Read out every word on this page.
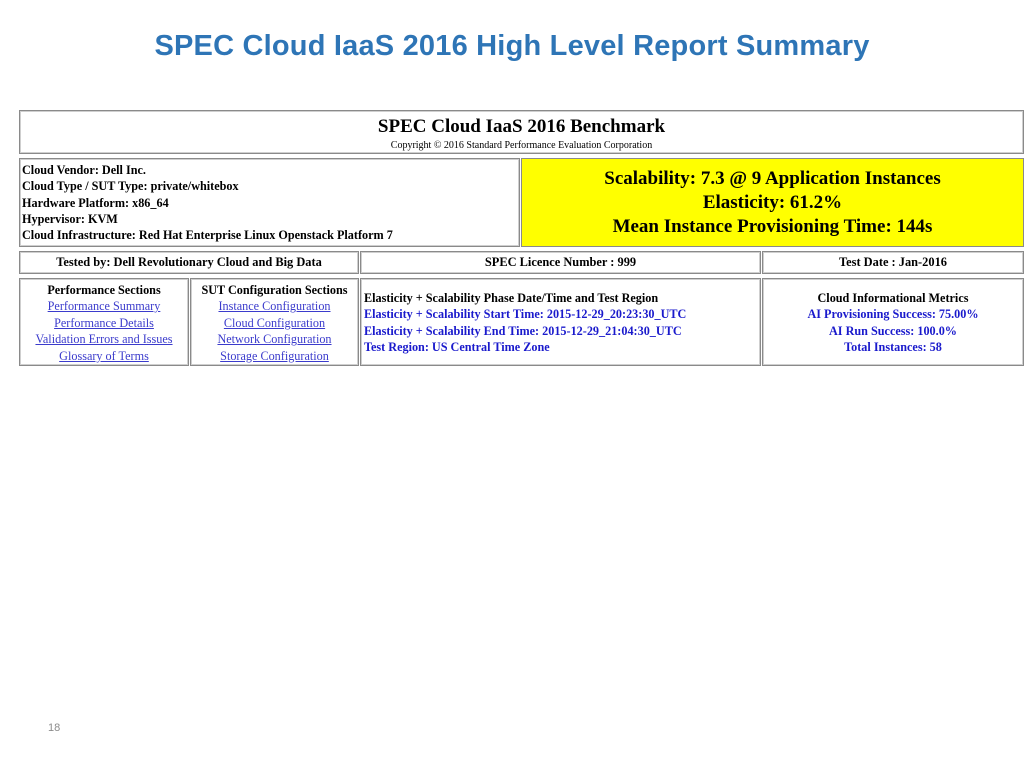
SPEC Cloud IaaS 2016 High Level Report Summary
SPEC Cloud IaaS 2016 Benchmark
Copyright © 2016 Standard Performance Evaluation Corporation
Cloud Vendor: Dell Inc.
Cloud Type / SUT Type: private/whitebox
Hardware Platform: x86_64
Hypervisor: KVM
Cloud Infrastructure: Red Hat Enterprise Linux Openstack Platform 7
Scalability: 7.3 @ 9 Application Instances
Elasticity: 61.2%
Mean Instance Provisioning Time: 144s
Tested by: Dell Revolutionary Cloud and Big Data	SPEC Licence Number : 999	Test Date : Jan-2016
Performance Sections
Performance Summary
Performance Details
Validation Errors and Issues
Glossary of Terms
SUT Configuration Sections
Instance Configuration
Cloud Configuration
Network Configuration
Storage Configuration
Elasticity + Scalability Phase Date/Time and Test Region
Elasticity + Scalability Start Time: 2015-12-29_20:23:30_UTC
Elasticity + Scalability End Time: 2015-12-29_21:04:30_UTC
Test Region: US Central Time Zone
Cloud Informational Metrics
AI Provisioning Success: 75.00%
AI Run Success: 100.0%
Total Instances: 58
18
